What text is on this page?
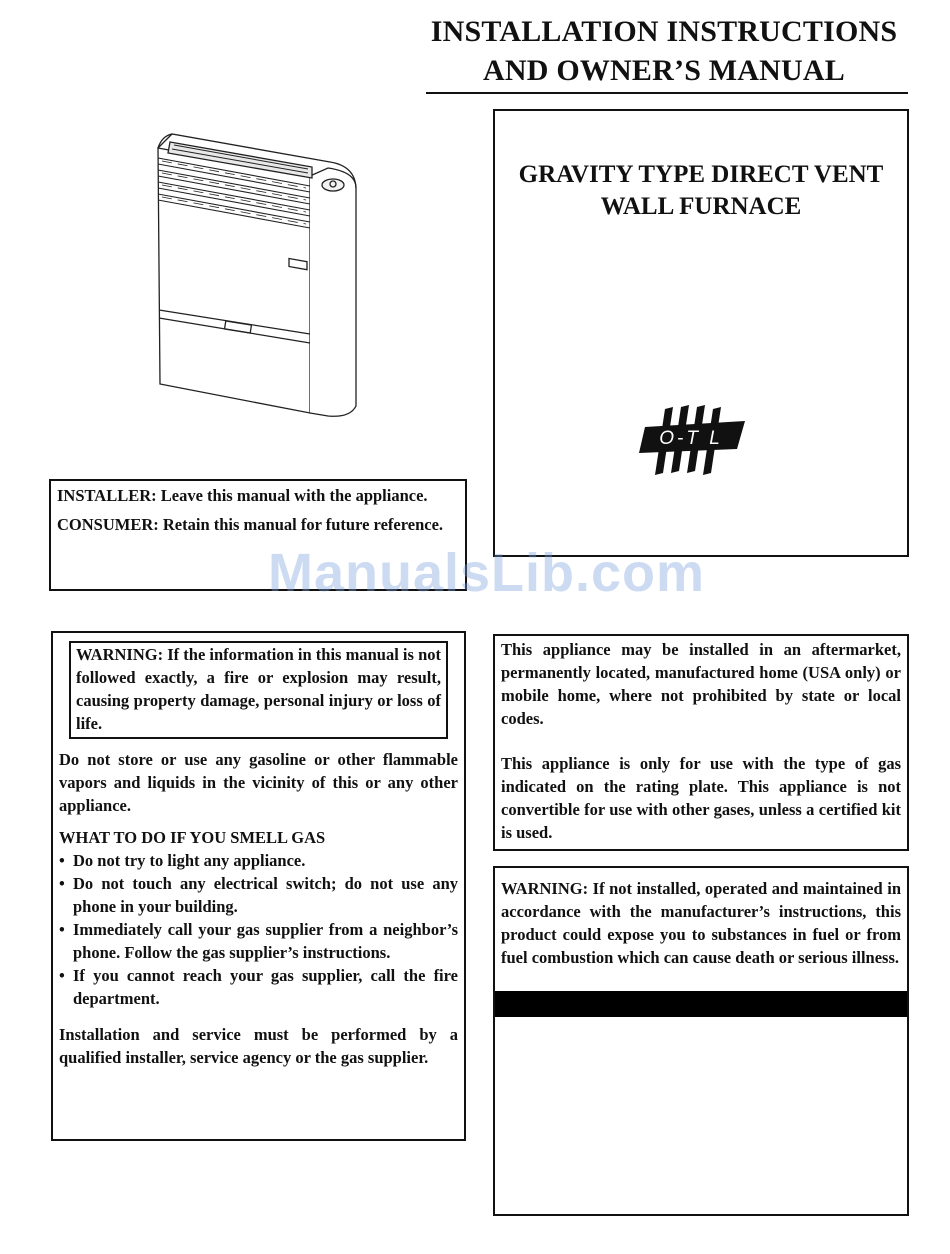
INSTALLATION INSTRUCTIONS
AND OWNER’S MANUAL
GRAVITY TYPE DIRECT VENT
WALL FURNACE
O-T L

INSTALLER: Leave this manual with the appliance.

CONSUMER: Retain this manual for future reference.

ManualsLib.com

WARNING: If the information in this manual is not followed exactly, a fire or explosion may result, causing property damage, personal injury or loss of life.

Do not store or use any gasoline or other flammable vapors and liquids in the vicinity of this or any other appliance.

WHAT TO DO IF YOU SMELL GAS

• Do not try to light any appliance.
• Do not touch any electrical switch; do not use any phone in your building.
• Immediately call your gas supplier from a neighbor’s phone. Follow the gas supplier’s instructions.
• If you cannot reach your gas supplier, call the fire department.

Installation and service must be performed by a qualified installer, service agency or the gas supplier.

This appliance may be installed in an aftermarket, permanently located, manufactured home (USA only) or mobile home, where not prohibited by state or local codes.

This appliance is only for use with the type of gas indicated on the rating plate. This appliance is not convertible for use with other gases, unless a certified kit is used.

WARNING: If not installed, operated and maintained in accordance with the manufacturer’s instructions, this product could expose you to substances in fuel or from fuel combustion which can cause death or serious illness.
